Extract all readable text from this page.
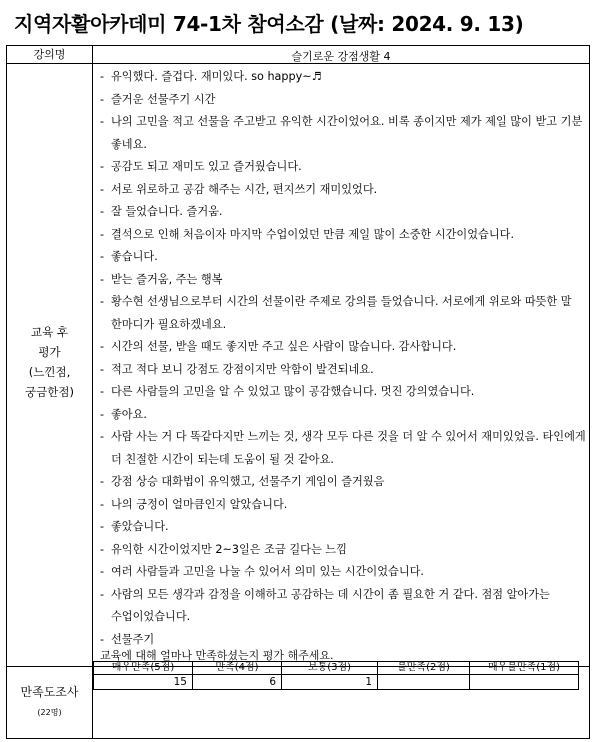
지역자활아카데미 74-1차 참여소감 (날짜: 2024. 9. 13)
강의명	슬기로운 강점생활 4
교육 후
평가
(느낀점,
궁금한점)
- 유익했다. 즐겁다. 재미있다. so happy~♬
- 즐거운 선물주기 시간
- 나의 고민을 적고 선물을 주고받고 유익한 시간이었어요. 비록 종이지만 제가 제일 많이 받고 기분 좋네요.
- 공감도 되고 재미도 있고 즐거웠습니다.
- 서로 위로하고 공감 해주는 시간, 편지쓰기 재미있었다.
- 잘 들었습니다. 즐거움.
- 결석으로 인해 처음이자 마지막 수업이었던 만큼 제일 많이 소중한 시간이었습니다.
- 좋습니다.
- 받는 즐거움, 주는 행복
- 황수현 선생님으로부터 시간의 선물이란 주제로 강의를 들었습니다. 서로에게 위로와 따뜻한 말 한마디가 필요하겠네요.
- 시간의 선물, 받을 때도 좋지만 주고 싶은 사람이 많습니다. 감사합니다.
- 적고 적다 보니 강점도 강점이지만 악함이 발견되네요.
- 다른 사람들의 고민을 알 수 있었고 많이 공감했습니다. 멋진 강의였습니다.
- 좋아요.
- 사람 사는 거 다 똑같다지만 느끼는 것, 생각 모두 다른 것을 더 알 수 있어서 재미있었음. 타인에게 더 친절한 시간이 되는데 도움이 될 것 같아요.
- 강점 상승 대화법이 유익했고, 선물주기 게임이 즐거웠음
- 나의 긍정이 얼마큼인지 알았습니다.
- 좋았습니다.
- 유익한 시간이었지만 2~3일은 조금 길다는 느낌
- 여러 사람들과 고민을 나눌 수 있어서 의미 있는 시간이었습니다.
- 사람의 모든 생각과 감정을 이해하고 공감하는 데 시간이 좀 필요한 거 같다. 점점 알아가는 수업이었습니다.
- 선물주기
만족도조사
(22명)
교육에 대해 얼마나 만족하셨는지 평가 해주세요.
매우만족(5점)
15
만족(4점)
6
보통(3점)
1
불만족(2점)	매우불만족(1점)
